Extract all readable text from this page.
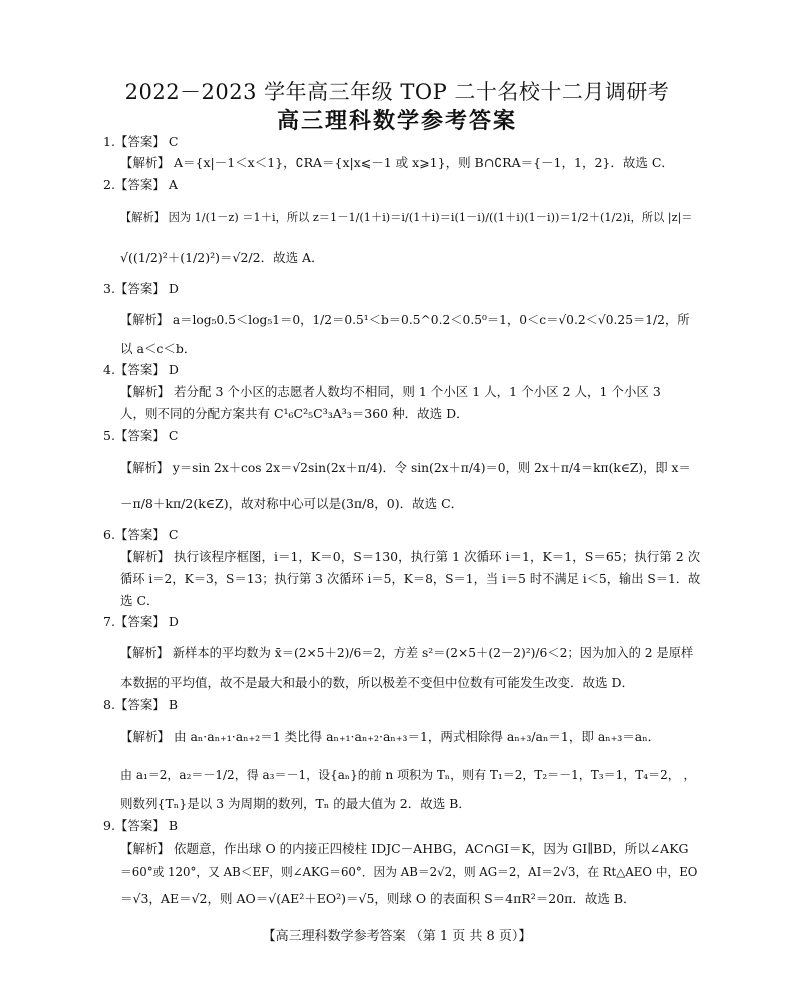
2022－2023 学年高三年级 TOP 二十名校十二月调研考
高三理科数学参考答案
1.【答案】 C
【解析】 A＝{x|－1＜x＜1}，∁RA＝{x|x⩽－1 或 x⩾1}，则 B∩∁RA＝{－1，1，2}．故选 C．
2.【答案】 A
【解析】 因为 1/(1－z) ＝1＋i，所以 z＝1－1/(1＋i)＝i/(1＋i)＝i(1－i)/((1＋i)(1－i))＝1/2＋(1/2)i，所以 |z|＝
√((1/2)²＋(1/2)²)＝√2/2．故选 A．
3.【答案】 D
【解析】 a＝log₅0.5＜log₅1＝0，1/2＝0.5¹＜b＝0.5^0.2＜0.5⁰＝1，0＜c＝√0.2＜√0.25＝1/2，所
以 a＜c＜b．
4.【答案】 D
【解析】 若分配 3 个小区的志愿者人数均不相同，则 1 个小区 1 人，1 个小区 2 人，1 个小区 3
人，则不同的分配方案共有 C¹₆C²₅C³₃A³₃＝360 种．故选 D．
5.【答案】 C
【解析】 y＝sin 2x＋cos 2x＝√2sin(2x＋π/4)．令 sin(2x＋π/4)＝0，则 2x＋π/4＝kπ(k∈Z)，即 x＝
－π/8＋kπ/2(k∈Z)，故对称中心可以是(3π/8，0)．故选 C．
6.【答案】 C
【解析】 执行该程序框图，i＝1，K＝0，S＝130，执行第 1 次循环 i＝1，K＝1，S＝65；执行第 2 次
循环 i＝2，K＝3，S＝13；执行第 3 次循环 i＝5，K＝8，S＝1，当 i＝5 时不满足 i＜5，输出 S＝1．故
选 C．
7.【答案】 D
【解析】 新样本的平均数为 x̄＝(2×5＋2)/6＝2，方差 s²＝(2×5＋(2－2)²)/6＜2；因为加入的 2 是原样
本数据的平均值，故不是最大和最小的数，所以极差不变但中位数有可能发生改变．故选 D．
8.【答案】 B
【解析】 由 aₙ·aₙ₊₁·aₙ₊₂＝1 类比得 aₙ₊₁·aₙ₊₂·aₙ₊₃＝1，两式相除得 aₙ₊₃/aₙ＝1，即 aₙ₊₃＝aₙ．
由 a₁＝2，a₂＝－1/2，得 a₃＝－1，设{aₙ}的前 n 项积为 Tₙ，则有 T₁＝2，T₂＝－1，T₃＝1，T₄＝2， ，
则数列{Tₙ}是以 3 为周期的数列，Tₙ 的最大值为 2．故选 B．
9.【答案】 B
【解析】 依题意，作出球 O 的内接正四棱柱 IDJC－AHBG，AC∩GI＝K，因为 GI∥BD，所以∠AKG
＝60°或 120°，又 AB＜EF，则∠AKG＝60°．因为 AB＝2√2，则 AG＝2，AI＝2√3，在 Rt△AEO 中，EO
＝√3，AE＝√2，则 AO＝√(AE²＋EO²)＝√5，则球 O 的表面积 S＝4πR²＝20π．故选 B．
【高三理科数学参考答案 （第 1 页 共 8 页）】
